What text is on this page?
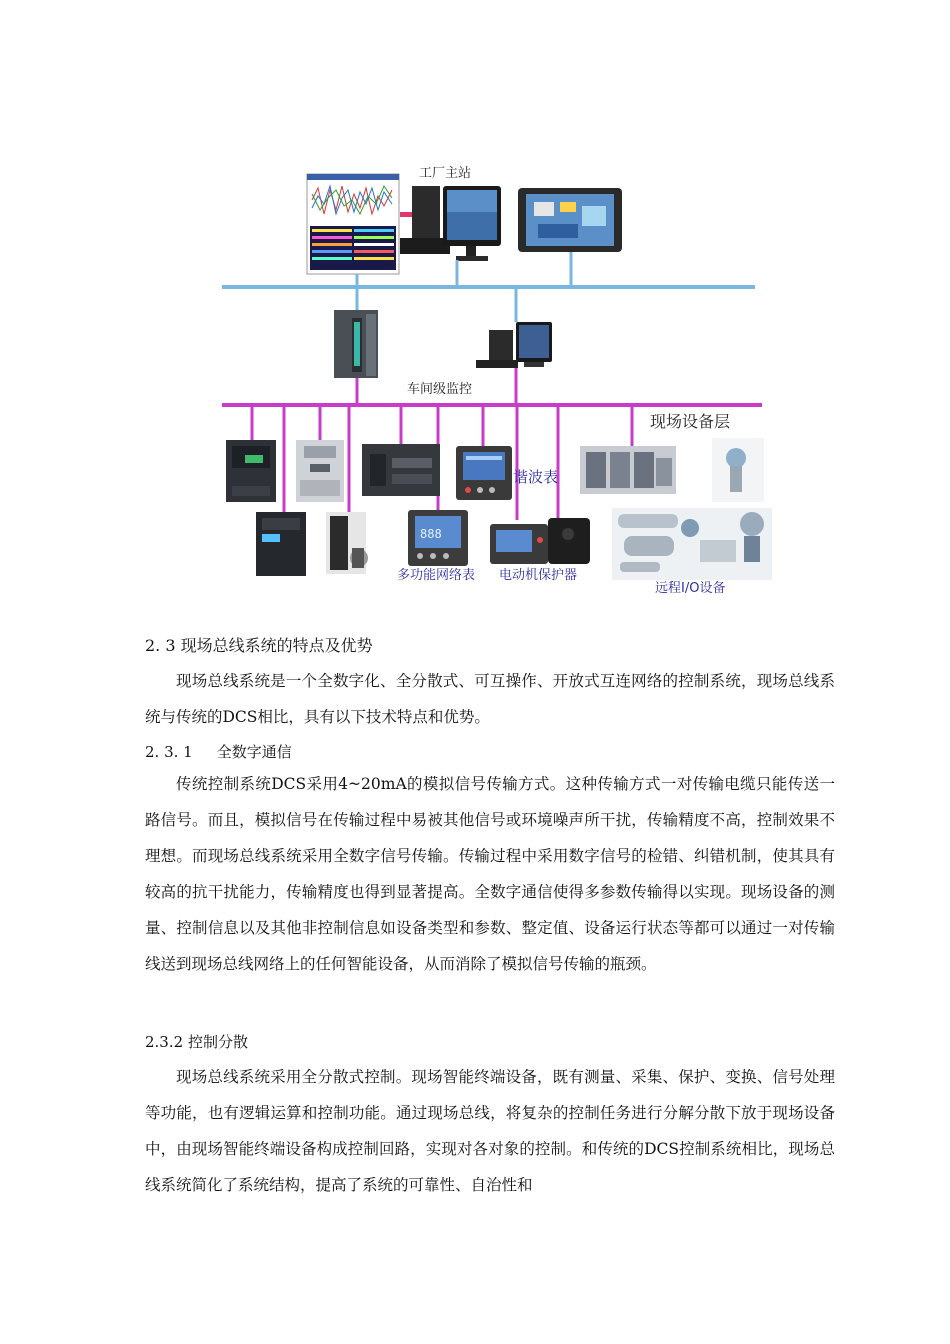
工厂主站
车间级监控
现场设备层
谐波表
888
多功能网络表 电动机保护器
远程I/O设备
2. 3 现场总线系统的特点及优势
现场总线系统是一个全数字化、全分散式、可互操作、开放式互连网络的控制系统，现场总线系统与传统的DCS相比，具有以下技术特点和优势。
2. 3. 1 全数字通信
传统控制系统DCS采用4~20mA的模拟信号传输方式。这种传输方式一对传输电缆只能传送一路信号。而且，模拟信号在传输过程中易被其他信号或环境噪声所干扰，传输精度不高，控制效果不理想。而现场总线系统采用全数字信号传输。传输过程中采用数字信号的检错、纠错机制，使其具有较高的抗干扰能力，传输精度也得到显著提高。全数字通信使得多参数传输得以实现。现场设备的测量、控制信息以及其他非控制信息如设备类型和参数、整定值、设备运行状态等都可以通过一对传输线送到现场总线网络上的任何智能设备，从而消除了模拟信号传输的瓶颈。
2.3.2 控制分散
现场总线系统采用全分散式控制。现场智能终端设备，既有测量、采集、保护、变换、信号处理等功能，也有逻辑运算和控制功能。通过现场总线，将复杂的控制任务进行分解分散下放于现场设备中，由现场智能终端设备构成控制回路，实现对各对象的控制。和传统的DCS控制系统相比，现场总线系统简化了系统结构，提高了系统的可靠性、自治性和
